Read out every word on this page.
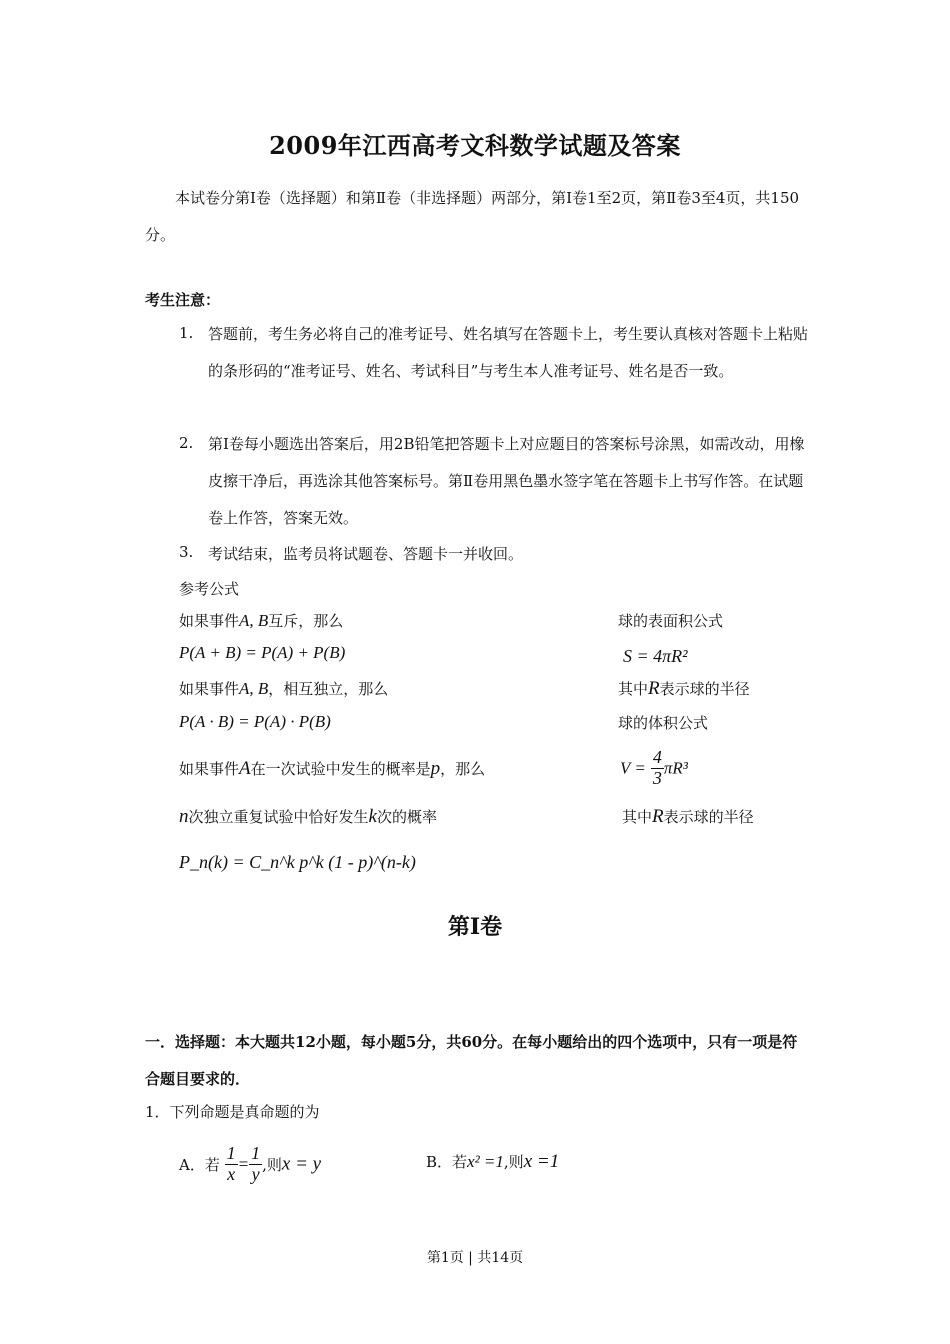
2009年江西高考文科数学试题及答案
本试卷分第Ⅰ卷（选择题）和第Ⅱ卷（非选择题）两部分，第Ⅰ卷1至2页，第Ⅱ卷3至4页，共150分。
考生注意：
1. 答题前，考生务必将自己的准考证号、姓名填写在答题卡上，考生要认真核对答题卡上粘贴的条形码的“准考证号、姓名、考试科目”与考生本人准考证号、姓名是否一致。
2. 第Ⅰ卷每小题选出答案后，用2B铅笔把答题卡上对应题目的答案标号涂黑，如需改动，用橡皮擦干净后，再选涂其他答案标号。第Ⅱ卷用黑色墨水签字笔在答题卡上书写作答。在试题卷上作答，答案无效。
3. 考试结束，监考员将试题卷、答题卡一并收回。
参考公式
如果事件A, B互斥，那么
P(A + B) = P(A) + P(B)
如果事件A, B，相互独立，那么
P(A · B) = P(A) · P(B)
如果事件A在一次试验中发生的概率是p，那么
n次独立重复试验中恰好发生k次的概率
P_n(k) = C_n^k p^k (1 - p)^(n-k)
球的表面积公式
S = 4πR²
其中R表示球的半径
球的体积公式
$V = \frac{4}{3} \pi R^3$
其中R表示球的半径
第Ⅰ卷
一．选择题：本大题共12小题，每小题5分，共60分。在每小题给出的四个选项中，只有一项是符合题目要求的．
1．下列命题是真命题的为
A．若 $\frac{1}{x} = \frac{1}{y}$ ,则x = y	B．若x² =1,则x =1
第1页 | 共14页
